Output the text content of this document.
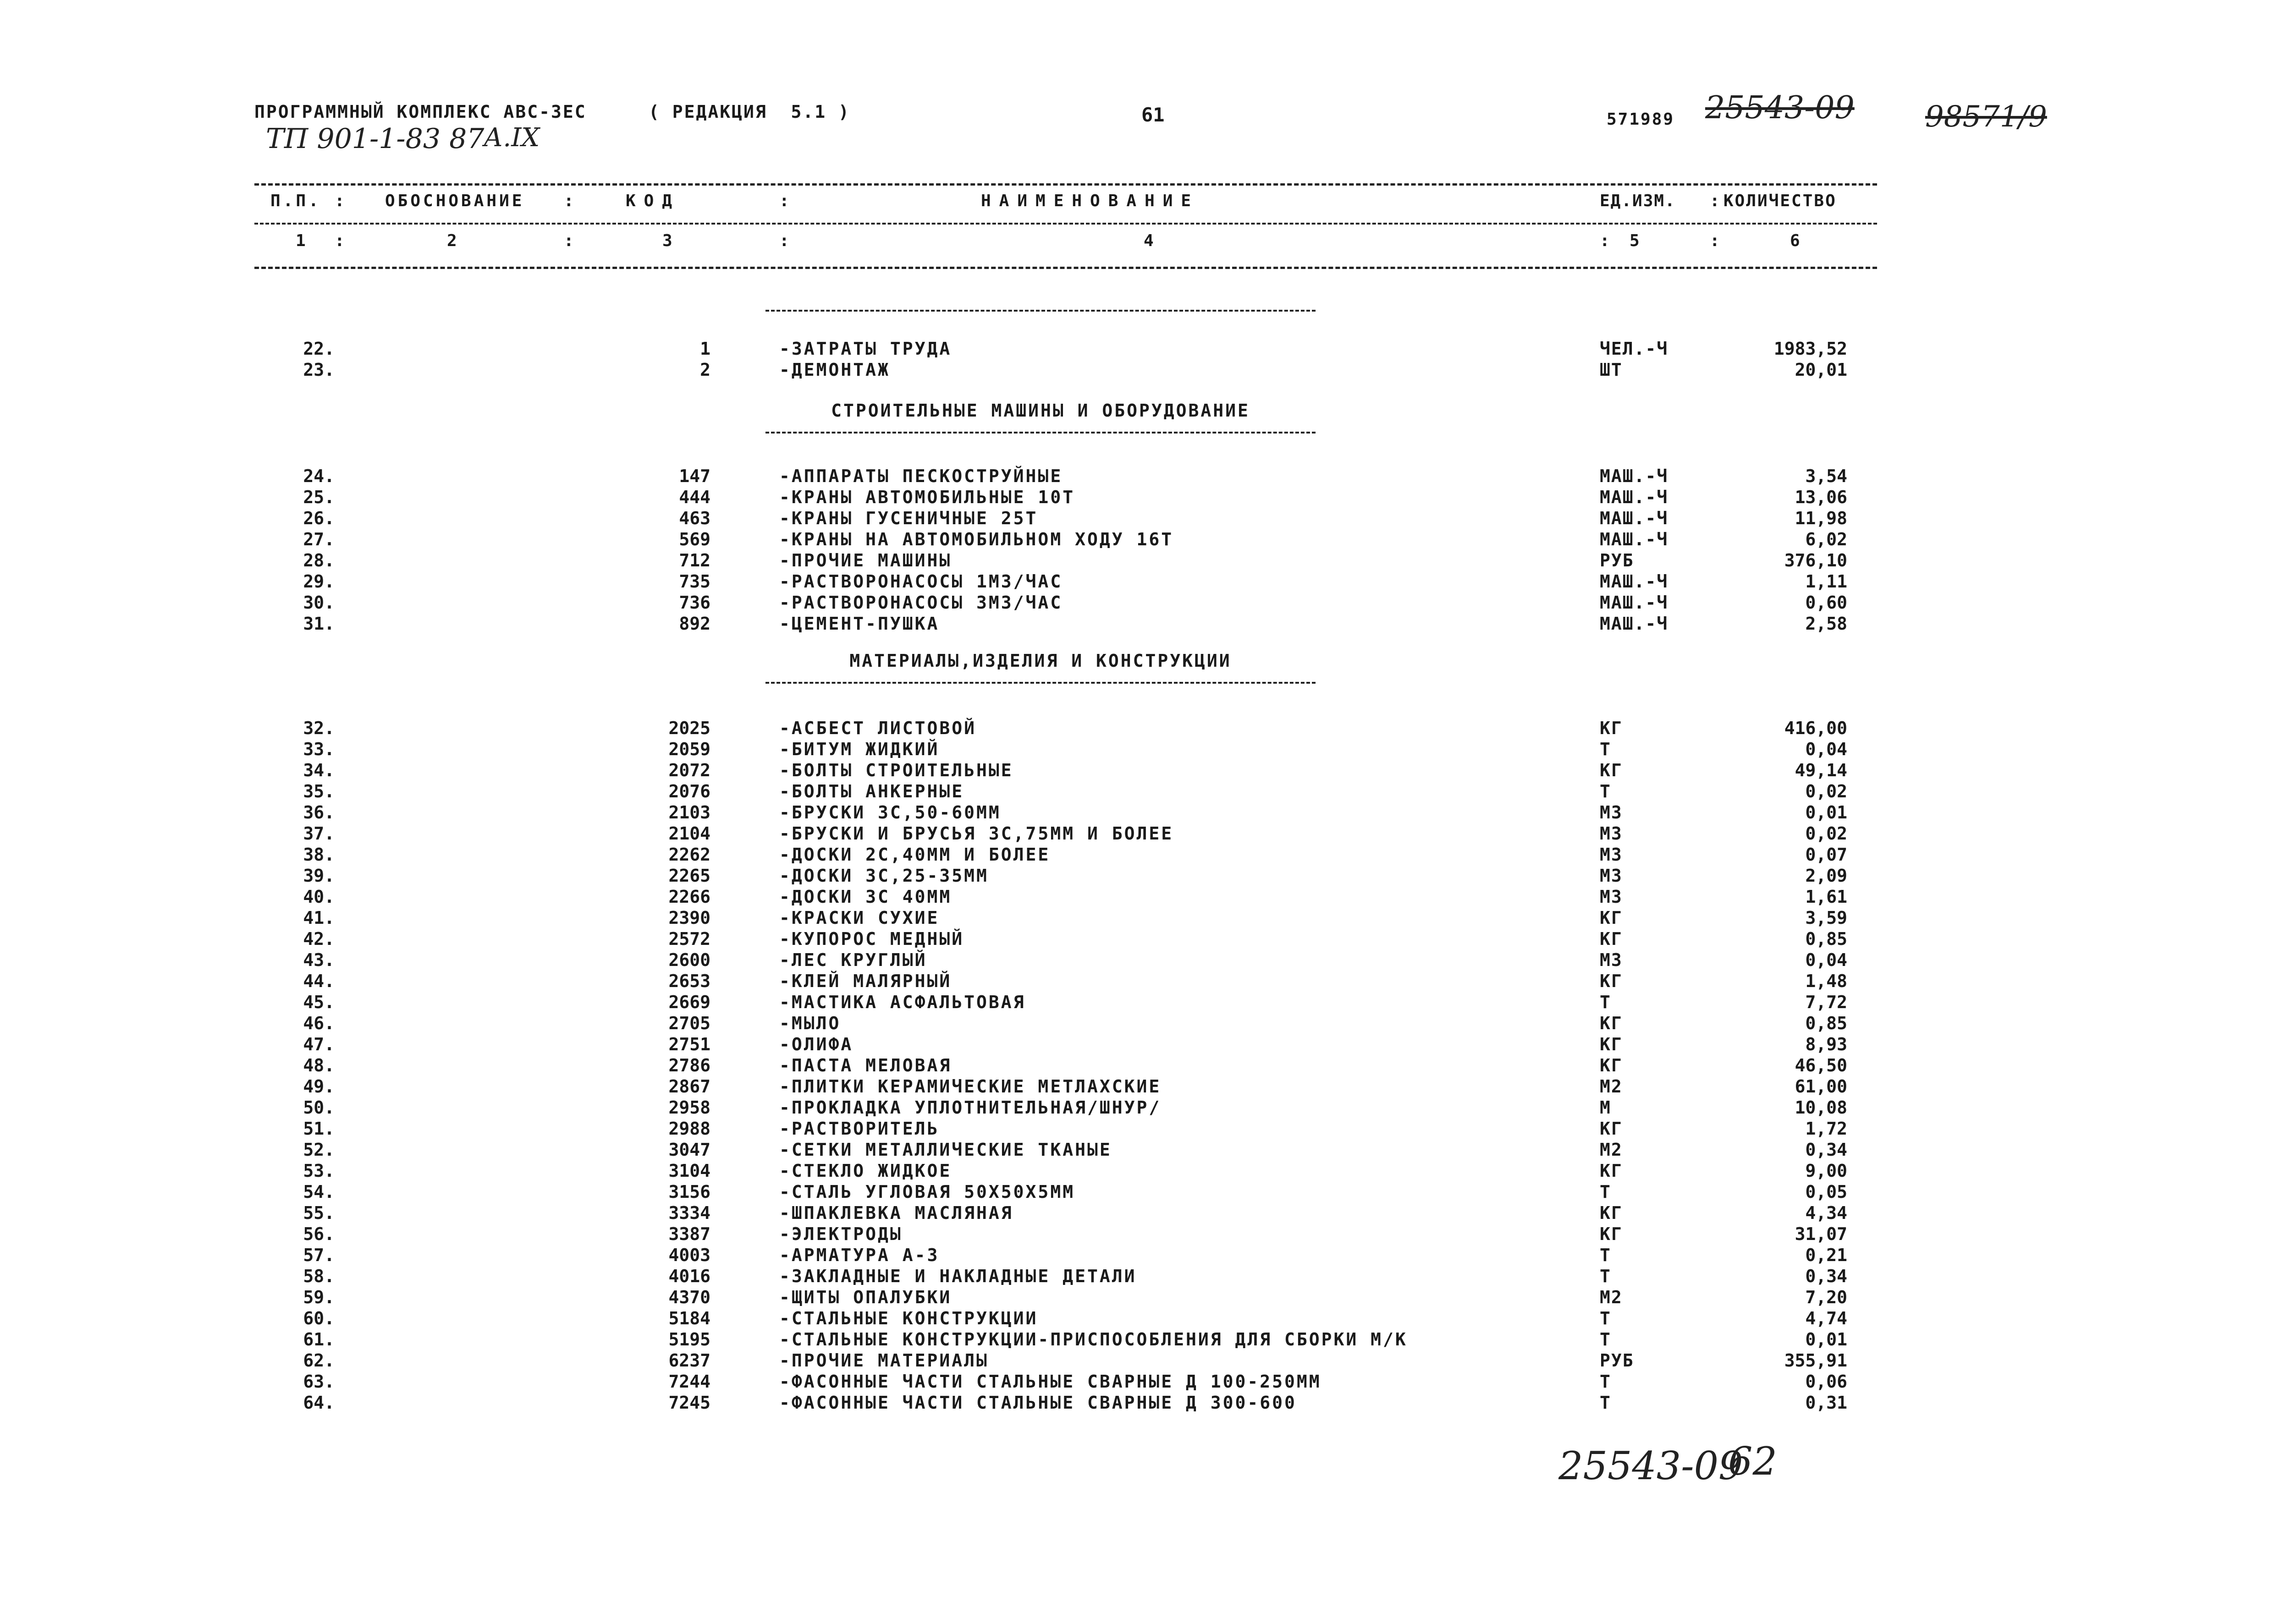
ПРОГРАММНЫЙ КОМПЛЕКС АВС-3ЕС	( РЕДАКЦИЯ  5.1 )	61
ТП 901-1-83 87
А.IX
571989 25543-09 98571/9
П.П. : ОБОСНОВАНИЕ :	КОД	:	НАИМЕНОВАНИЕ	ЕД.ИЗМ. : КОЛИЧЕСТВО
1 :	2	:	3	:	4	: 5	:	6
22.	1	-ЗАТРАТЫ ТРУДА	ЧЕЛ.-Ч	1983,52
23.	2	-ДЕМОНТАЖ	ШТ	20,01
СТРОИТЕЛЬНЫЕ МАШИНЫ И ОБОРУДОВАНИЕ
24.	147	-АППАРАТЫ ПЕСКОСТРУЙНЫЕ	МАШ.-Ч	3,54
25.	444	-КРАНЫ АВТОМОБИЛЬНЫЕ 10Т	МАШ.-Ч	13,06
26.	463	-КРАНЫ ГУСЕНИЧНЫЕ 25Т	МАШ.-Ч	11,98
27.	569	-КРАНЫ НА АВТОМОБИЛЬНОМ ХОДУ 16Т	МАШ.-Ч	6,02
28.	712	-ПРОЧИЕ МАШИНЫ	РУБ	376,10
29.	735	-РАСТВОРОНАСОСЫ 1М3/ЧАС	МАШ.-Ч	1,11
30.	736	-РАСТВОРОНАСОСЫ 3М3/ЧАС	МАШ.-Ч	0,60
31.	892	-ЦЕМЕНТ-ПУШКА	МАШ.-Ч	2,58
МАТЕРИАЛЫ,ИЗДЕЛИЯ И КОНСТРУКЦИИ
32.	2025	-АСБЕСТ ЛИСТОВОЙ	КГ	416,00
33.	2059	-БИТУМ ЖИДКИЙ	Т	0,04
34.	2072	-БОЛТЫ СТРОИТЕЛЬНЫЕ	КГ	49,14
35.	2076	-БОЛТЫ АНКЕРНЫЕ	Т	0,02
36.	2103	-БРУСКИ 3С,50-60ММ	М3	0,01
37.	2104	-БРУСКИ И БРУСЬЯ 3С,75ММ И БОЛЕЕ	М3	0,02
38.	2262	-ДОСКИ 2С,40ММ И БОЛЕЕ	М3	0,07
39.	2265	-ДОСКИ 3С,25-35ММ	М3	2,09
40.	2266	-ДОСКИ 3С 40ММ	М3	1,61
41.	2390	-КРАСКИ СУХИЕ	КГ	3,59
42.	2572	-КУПОРОС МЕДНЫЙ	КГ	0,85
43.	2600	-ЛЕС КРУГЛЫЙ	М3	0,04
44.	2653	-КЛЕЙ МАЛЯРНЫЙ	КГ	1,48
45.	2669	-МАСТИКА АСФАЛЬТОВАЯ	Т	7,72
46.	2705	-МЫЛО	КГ	0,85
47.	2751	-ОЛИФА	КГ	8,93
48.	2786	-ПАСТА МЕЛОВАЯ	КГ	46,50
49.	2867	-ПЛИТКИ КЕРАМИЧЕСКИЕ МЕТЛАХСКИЕ	М2	61,00
50.	2958	-ПРОКЛАДКА УПЛОТНИТЕЛЬНАЯ/ШНУР/	М	10,08
51.	2988	-РАСТВОРИТЕЛЬ	КГ	1,72
52.	3047	-СЕТКИ МЕТАЛЛИЧЕСКИЕ ТКАНЫЕ	М2	0,34
53.	3104	-СТЕКЛО ЖИДКОЕ	КГ	9,00
54.	3156	-СТАЛЬ УГЛОВАЯ 50Х50Х5ММ	Т	0,05
55.	3334	-ШПАКЛЕВКА МАСЛЯНАЯ	КГ	4,34
56.	3387	-ЭЛЕКТРОДЫ	КГ	31,07
57.	4003	-АРМАТУРА А-3	Т	0,21
58.	4016	-ЗАКЛАДНЫЕ И НАКЛАДНЫЕ ДЕТАЛИ	Т	0,34
59.	4370	-ЩИТЫ ОПАЛУБКИ	М2	7,20
60.	5184	-СТАЛЬНЫЕ КОНСТРУКЦИИ	Т	4,74
61.	5195	-СТАЛЬНЫЕ КОНСТРУКЦИИ-ПРИСПОСОБЛЕНИЯ ДЛЯ СБОРКИ М/К	Т	0,01
62.	6237	-ПРОЧИЕ МАТЕРИАЛЫ	РУБ	355,91
63.	7244	-ФАСОННЫЕ ЧАСТИ СТАЛЬНЫЕ СВАРНЫЕ Д 100-250ММ	Т	0,06
64.	7245	-ФАСОННЫЕ ЧАСТИ СТАЛЬНЫЕ СВАРНЫЕ Д 300-600	Т	0,31
25543-09
62
